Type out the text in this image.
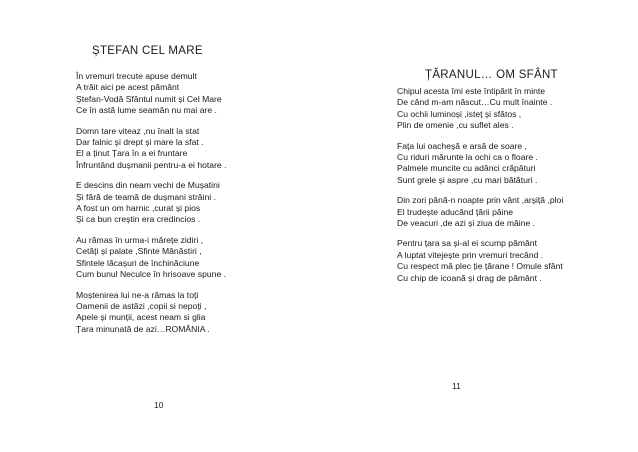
ȘTEFAN CEL MARE
În vremuri trecute apuse demult
A trăit aici pe acest pământ
Ștefan-Vodă Sfântul numit și Cel Mare
Ce în astă lume seamăn nu mai are .
Domn tare viteaz ,nu înalt la stat
Dar falnic și drept și mare la sfat .
El a ținut Țara în a ei fruntare
Înfruntând dușmanii pentru-a ei hotare .
E descins din neam vechi de Mușatini
Și fără de teamă de dușmani străini .
A fost un om harnic ,curat și pios
Și ca bun creștin era credincios .
Au rămas în urma-i mărețe zidiri ,
Cetăți și palate ,Sfinte Mânăstiri ,
Sfintele lăcașuri de închinăciune
Cum bunul Neculce în hrisoave spune .
Moștenirea lui ne-a rămas la toți
Oamenii de astăzi ,copii si nepoți ,
Apele și munții, acest neam si glia
Țara minunată de azi…ROMÂNIA .
10
ȚĂRANUL… OM SFÂNT
Chipul acesta îmi este întipărit în minte
De când m-am născut…Cu mult înainte .
Cu ochii luminoși ,isteț și sfătos ,
Plin de omenie ,cu suflet ales .
Fața lui oacheșă e arsă de soare ,
Cu riduri mărunte la ochi ca o floare .
Palmele muncite cu adânci crăpături
Sunt grele și aspre ,cu mari bătături .
Din zori până-n noapte prin vânt ,arșiță ,ploi
El trudește aducând țării pâine
De veacuri ,de azi și ziua de mâine .
Pentru țara sa și-al ei scump pământ
A luptat vitejește prin vremuri trecând .
Cu respect mă plec ție țărane ! Omule sfânt
Cu chip de icoană și drag de pământ .
11
